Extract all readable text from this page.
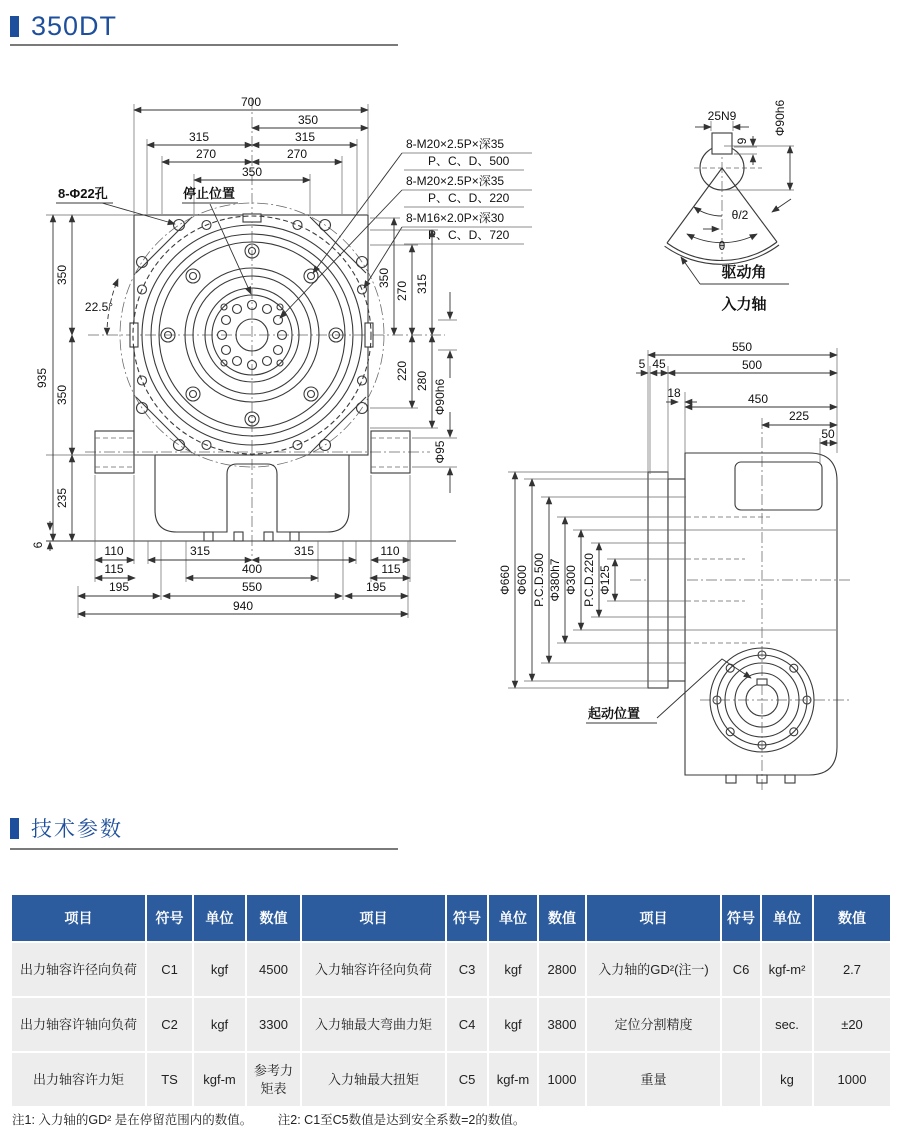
350DT
700
350
315	315
270	270
350
8-Φ22孔	停止位置
8-M20×2.5P×深35
P、C、D、500
8-M20×2.5P×深35
P、C、D、220
8-M16×2.0P×深30
P、C、D、720
935
350
350
235
6
22.5°
350
270 315
220 280 Φ90h6
Φ95
110	315	315	110
115	400	115
195	550	195
940
25N9
9
Φ90h6
θ
θ/2
驱动角
入力轴
起动位置
550
5 45	500
18	450
225
50
Φ660 Φ600 P.C.D.500 Φ380h7 Φ300 P.C.D.220 Φ125
技术参数
项目	符号	单位	数值	项目	符号	单位	数值	项目	符号	单位	数值
出力轴容许径向负荷	C1	kgf	4500	入力轴容许径向负荷	C3	kgf	2800	入力轴的GD²(注一)	C6	kgf-m²	2.7
出力轴容许轴向负荷	C2	kgf	3300	入力轴最大弯曲力矩	C4	kgf	3800	定位分割精度		sec.	±20
出力轴容许力矩	TS	kgf-m	参考力矩表	入力轴最大扭矩	C5	kgf-m	1000	重量		kg	1000
注1: 入力轴的GD² 是在停留范围内的数值。 注2: C1至C5数值是达到安全系数=2的数值。
